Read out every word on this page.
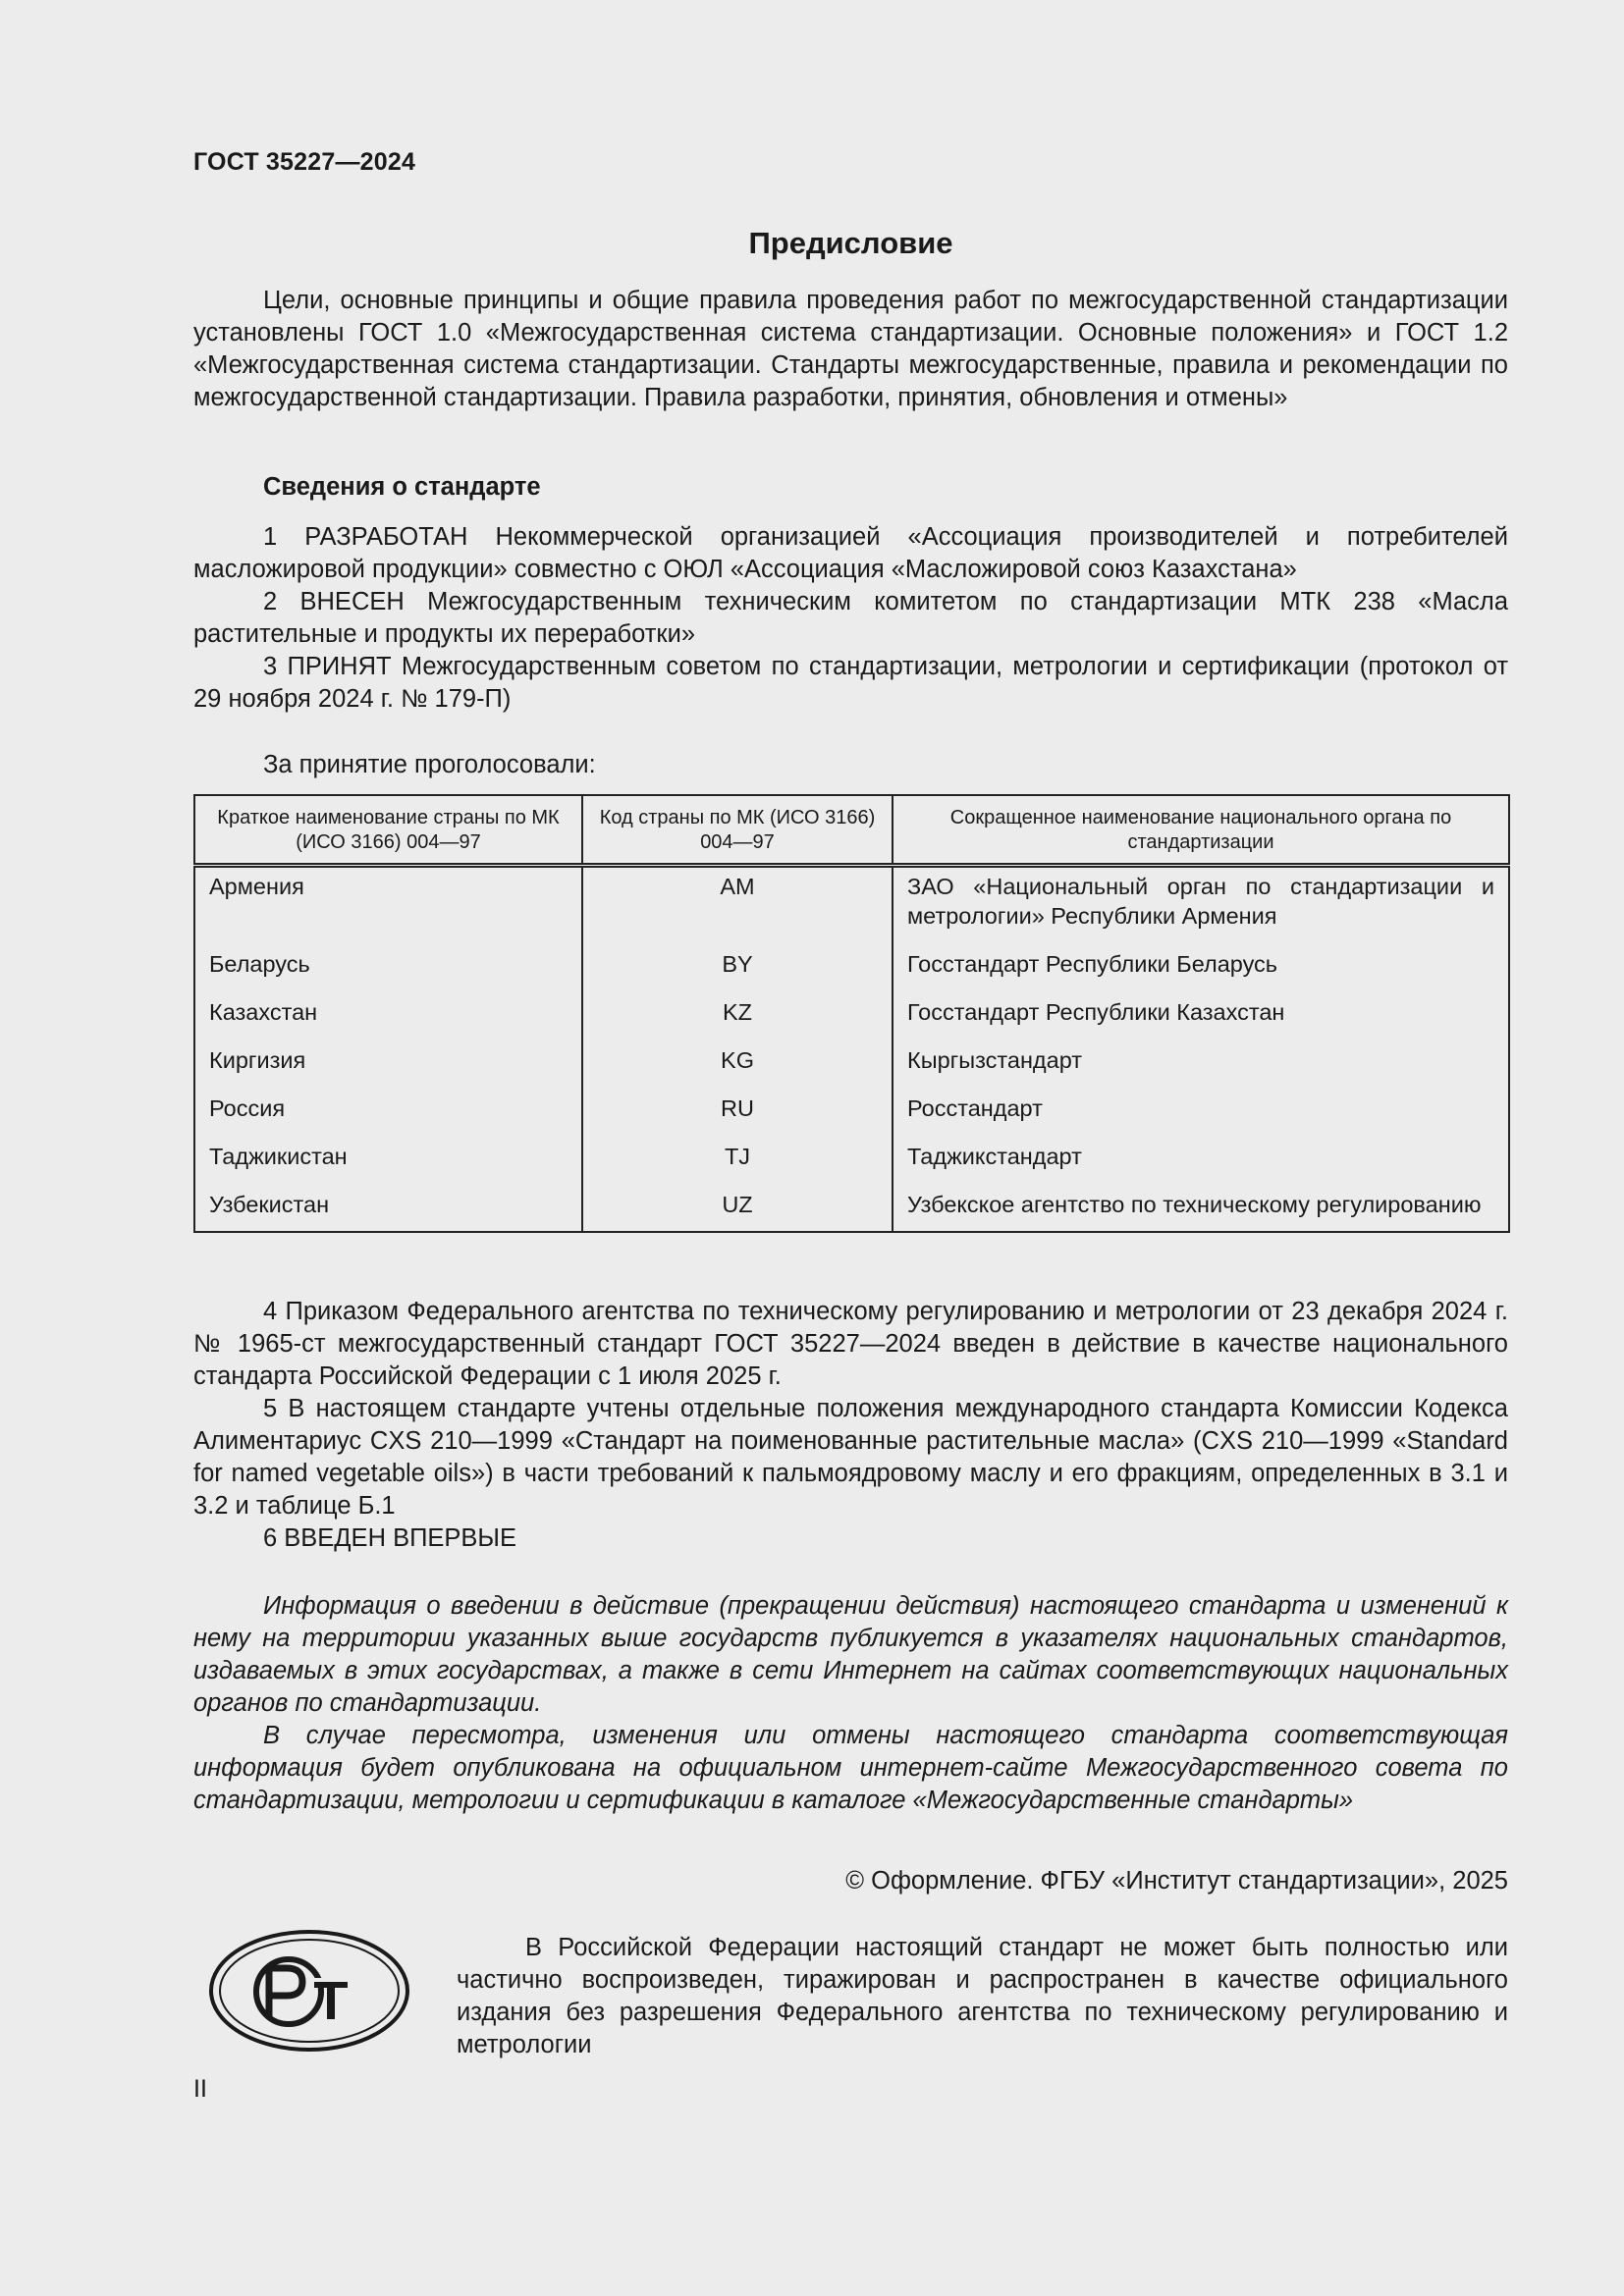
ГОСТ 35227—2024
Предисловие

Цели, основные принципы и общие правила проведения работ по межгосударственной стандартизации установлены ГОСТ 1.0 «Межгосударственная система стандартизации. Основные положения» и ГОСТ 1.2 «Межгосударственная система стандартизации. Стандарты межгосударственные, правила и рекомендации по межгосударственной стандартизации. Правила разработки, принятия, обновления и отмены»

Сведения о стандарте

1 РАЗРАБОТАН Некоммерческой организацией «Ассоциация производителей и потребителей масложировой продукции» совместно с ОЮЛ «Ассоциация «Масложировой союз Казахстана»

2 ВНЕСЕН Межгосударственным техническим комитетом по стандартизации МТК 238 «Масла растительные и продукты их переработки»

3 ПРИНЯТ Межгосударственным советом по стандартизации, метрологии и сертификации (протокол от 29 ноября 2024 г. № 179-П)

За принятие проголосовали:
Краткое наименование страны по МК (ИСО 3166) 004—97	Код страны по МК (ИСО 3166) 004—97	Сокращенное наименование национального органа по стандартизации
Армения	AM	ЗАО «Национальный орган по стандартизации и метрологии» Республики Армения
Беларусь	BY	Госстандарт Республики Беларусь
Казахстан	KZ	Госстандарт Республики Казахстан
Киргизия	KG	Кыргызстандарт
Россия	RU	Росстандарт
Таджикистан	TJ	Таджикстандарт
Узбекистан	UZ	Узбекское агентство по техническому регулированию

4 Приказом Федерального агентства по техническому регулированию и метрологии от 23 декабря 2024 г. № 1965-ст межгосударственный стандарт ГОСТ 35227—2024 введен в действие в качестве национального стандарта Российской Федерации с 1 июля 2025 г.

5 В настоящем стандарте учтены отдельные положения международного стандарта Комиссии Кодекса Алиментариус CXS 210—1999 «Стандарт на поименованные растительные масла» (CXS 210—1999 «Standard for named vegetable oils») в части требований к пальмоядровому маслу и его фракциям, определенных в 3.1 и 3.2 и таблице Б.1

6 ВВЕДЕН ВПЕРВЫЕ

Информация о введении в действие (прекращении действия) настоящего стандарта и изменений к нему на территории указанных выше государств публикуется в указателях национальных стандартов, издаваемых в этих государствах, а также в сети Интернет на сайтах соответствующих национальных органов по стандартизации.

В случае пересмотра, изменения или отмены настоящего стандарта соответствующая информация будет опубликована на официальном интернет-сайте Межгосударственного совета по стандартизации, метрологии и сертификации в каталоге «Межгосударственные стандарты»

© Оформление. ФГБУ «Институт стандартизации», 2025

В Российской Федерации настоящий стандарт не может быть полностью или частично воспроизведен, тиражирован и распространен в качестве официального издания без разрешения Федерального агентства по техническому регулированию и метрологии

II
